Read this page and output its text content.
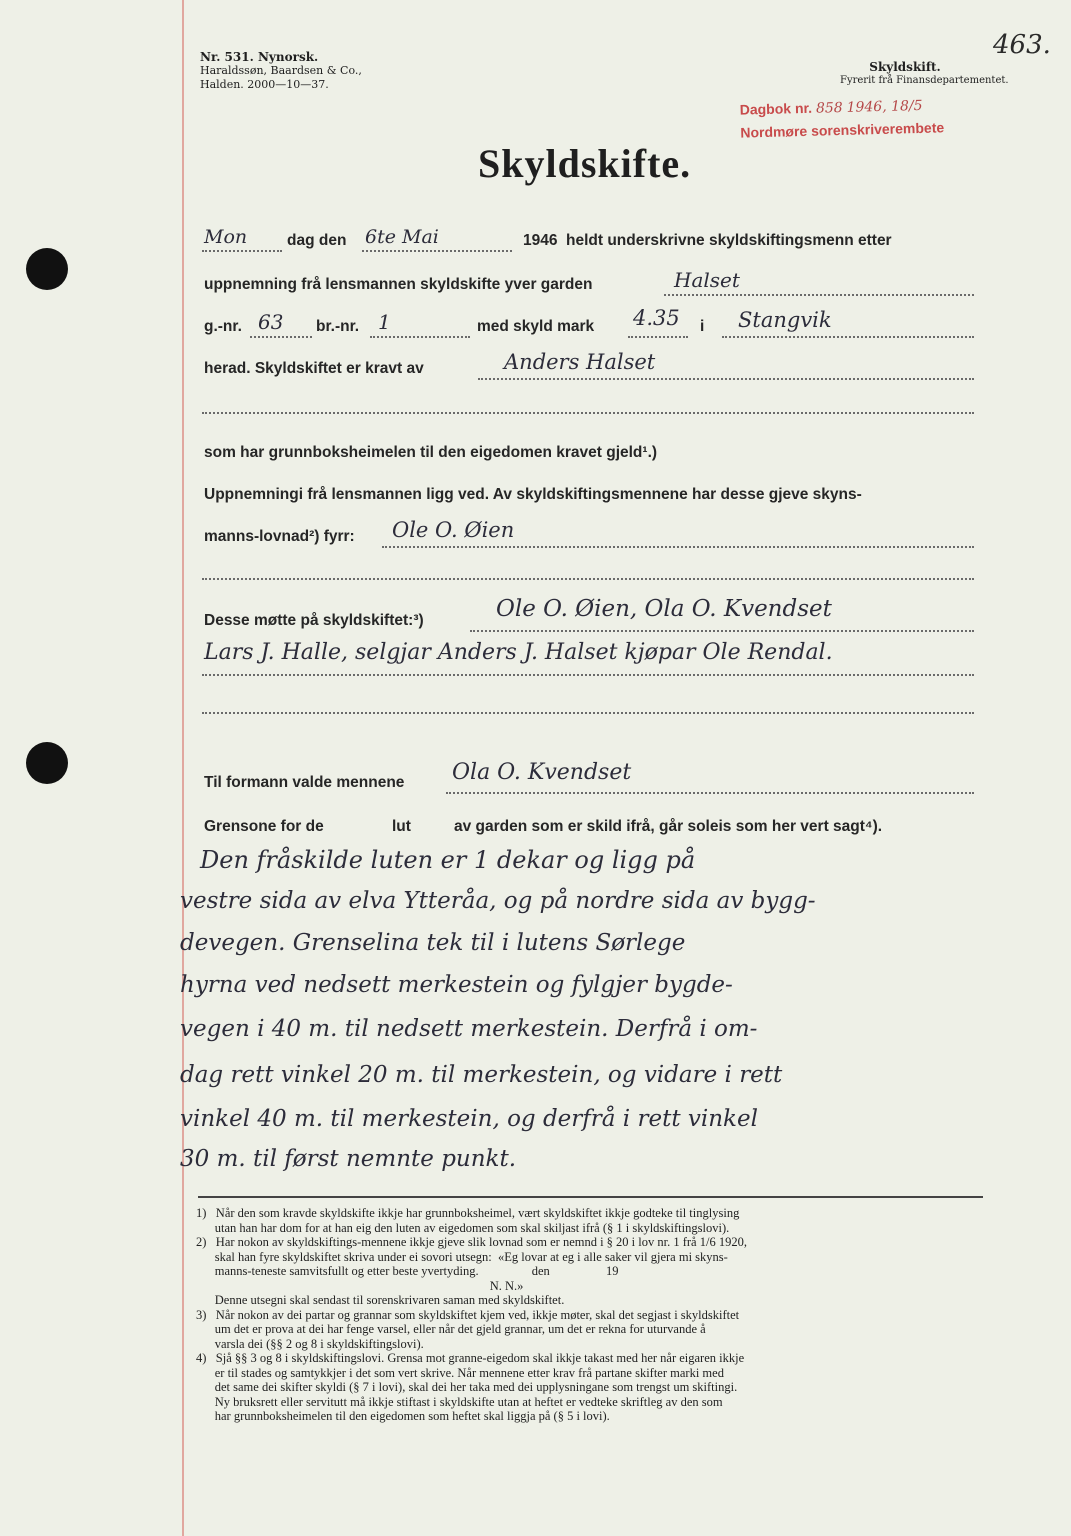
Nr. 531. Nynorsk.
Haraldssøn, Baardsen & Co.,
Halden. 2000—10—37.
Skyldskift.
Fyrerit frå Finansdepartementet.
463.
Dagbok nr. 858 1946, 18/5
Nordmøre sorenskriverembete
Skyldskifte.
Mon	dag den 6te Mai	1946 heldt underskrivne skyldskiftingsmenn etter
uppnemning frå lensmannen skyldskifte yver garden	Halset
g.-nr. 63 br.-nr. 1	med skyld mark 4.35 i Stangvik
herad. Skyldskiftet er kravt av	Anders Halset
som har grunnboksheimelen til den eigedomen kravet gjeld¹.)
Uppnemningi frå lensmannen ligg ved. Av skyldskiftingsmennene har desse gjeve skyns-
manns-lovnad²) fyrr: Ole O. Øien
Desse møtte på skyldskiftet:³)	Ole O. Øien, Ola O. Kvendset
Lars J. Halle, selgjar Anders J. Halset kjøpar Ole Rendal.
Til formann valde mennene Ola O. Kvendset
Grensone for de	lut	av garden som er skild ifrå, går soleis som her vert sagt⁴).
Den fråskilde luten er 1 dekar og ligg på
vestre sida av elva Ytteråa, og på nordre sida av bygg-
devegen. Grenselina tek til i lutens Sørlege
hyrna ved nedsett merkestein og fylgjer bygde-
vegen i 40 m. til nedsett merkestein. Derfrå i om-
dag rett vinkel 20 m. til merkestein, og vidare i rett
vinkel 40 m. til merkestein, og derfrå i rett vinkel
30 m. til først nemnte punkt.
1)   Når den som kravde skyldskifte ikkje har grunnboksheimel, vært skyldskiftet ikkje godteke til tinglysing
utan han har dom for at han eig den luten av eigedomen som skal skiljast ifrå (§ 1 i skyldskiftingslovi).
2)   Har nokon av skyldskiftings-mennene ikkje gjeve slik lovnad som er nemnd i § 20 i lov nr. 1 frå 1/6 1920,
skal han fyre skyldskiftet skriva under ei sovori utsegn:  «Eg lovar at eg i alle saker vil gjera mi skyns-
manns-teneste samvitsfullt og etter beste yvertyding.                 den                  19
N. N.»
Denne utsegni skal sendast til sorenskrivaren saman med skyldskiftet.
3)   Når nokon av dei partar og grannar som skyldskiftet kjem ved, ikkje møter, skal det segjast i skyldskiftet
um det er prova at dei har fenge varsel, eller når det gjeld grannar, um det er rekna for uturvande å
varsla dei (§§ 2 og 8 i skyldskiftingslovi).
4)   Sjå §§ 3 og 8 i skyldskiftingslovi. Grensa mot granne-eigedom skal ikkje takast med her når eigaren ikkje
er til stades og samtykkjer i det som vert skrive. Når mennene etter krav frå partane skifter marki med
det same dei skifter skyldi (§ 7 i lovi), skal dei her taka med dei upplysningane som trengst um skiftingi.
Ny bruksrett eller servitutt må ikkje stiftast i skyldskifte utan at heftet er vedteke skriftleg av den som
har grunnboksheimelen til den eigedomen som heftet skal liggja på (§ 5 i lovi).
